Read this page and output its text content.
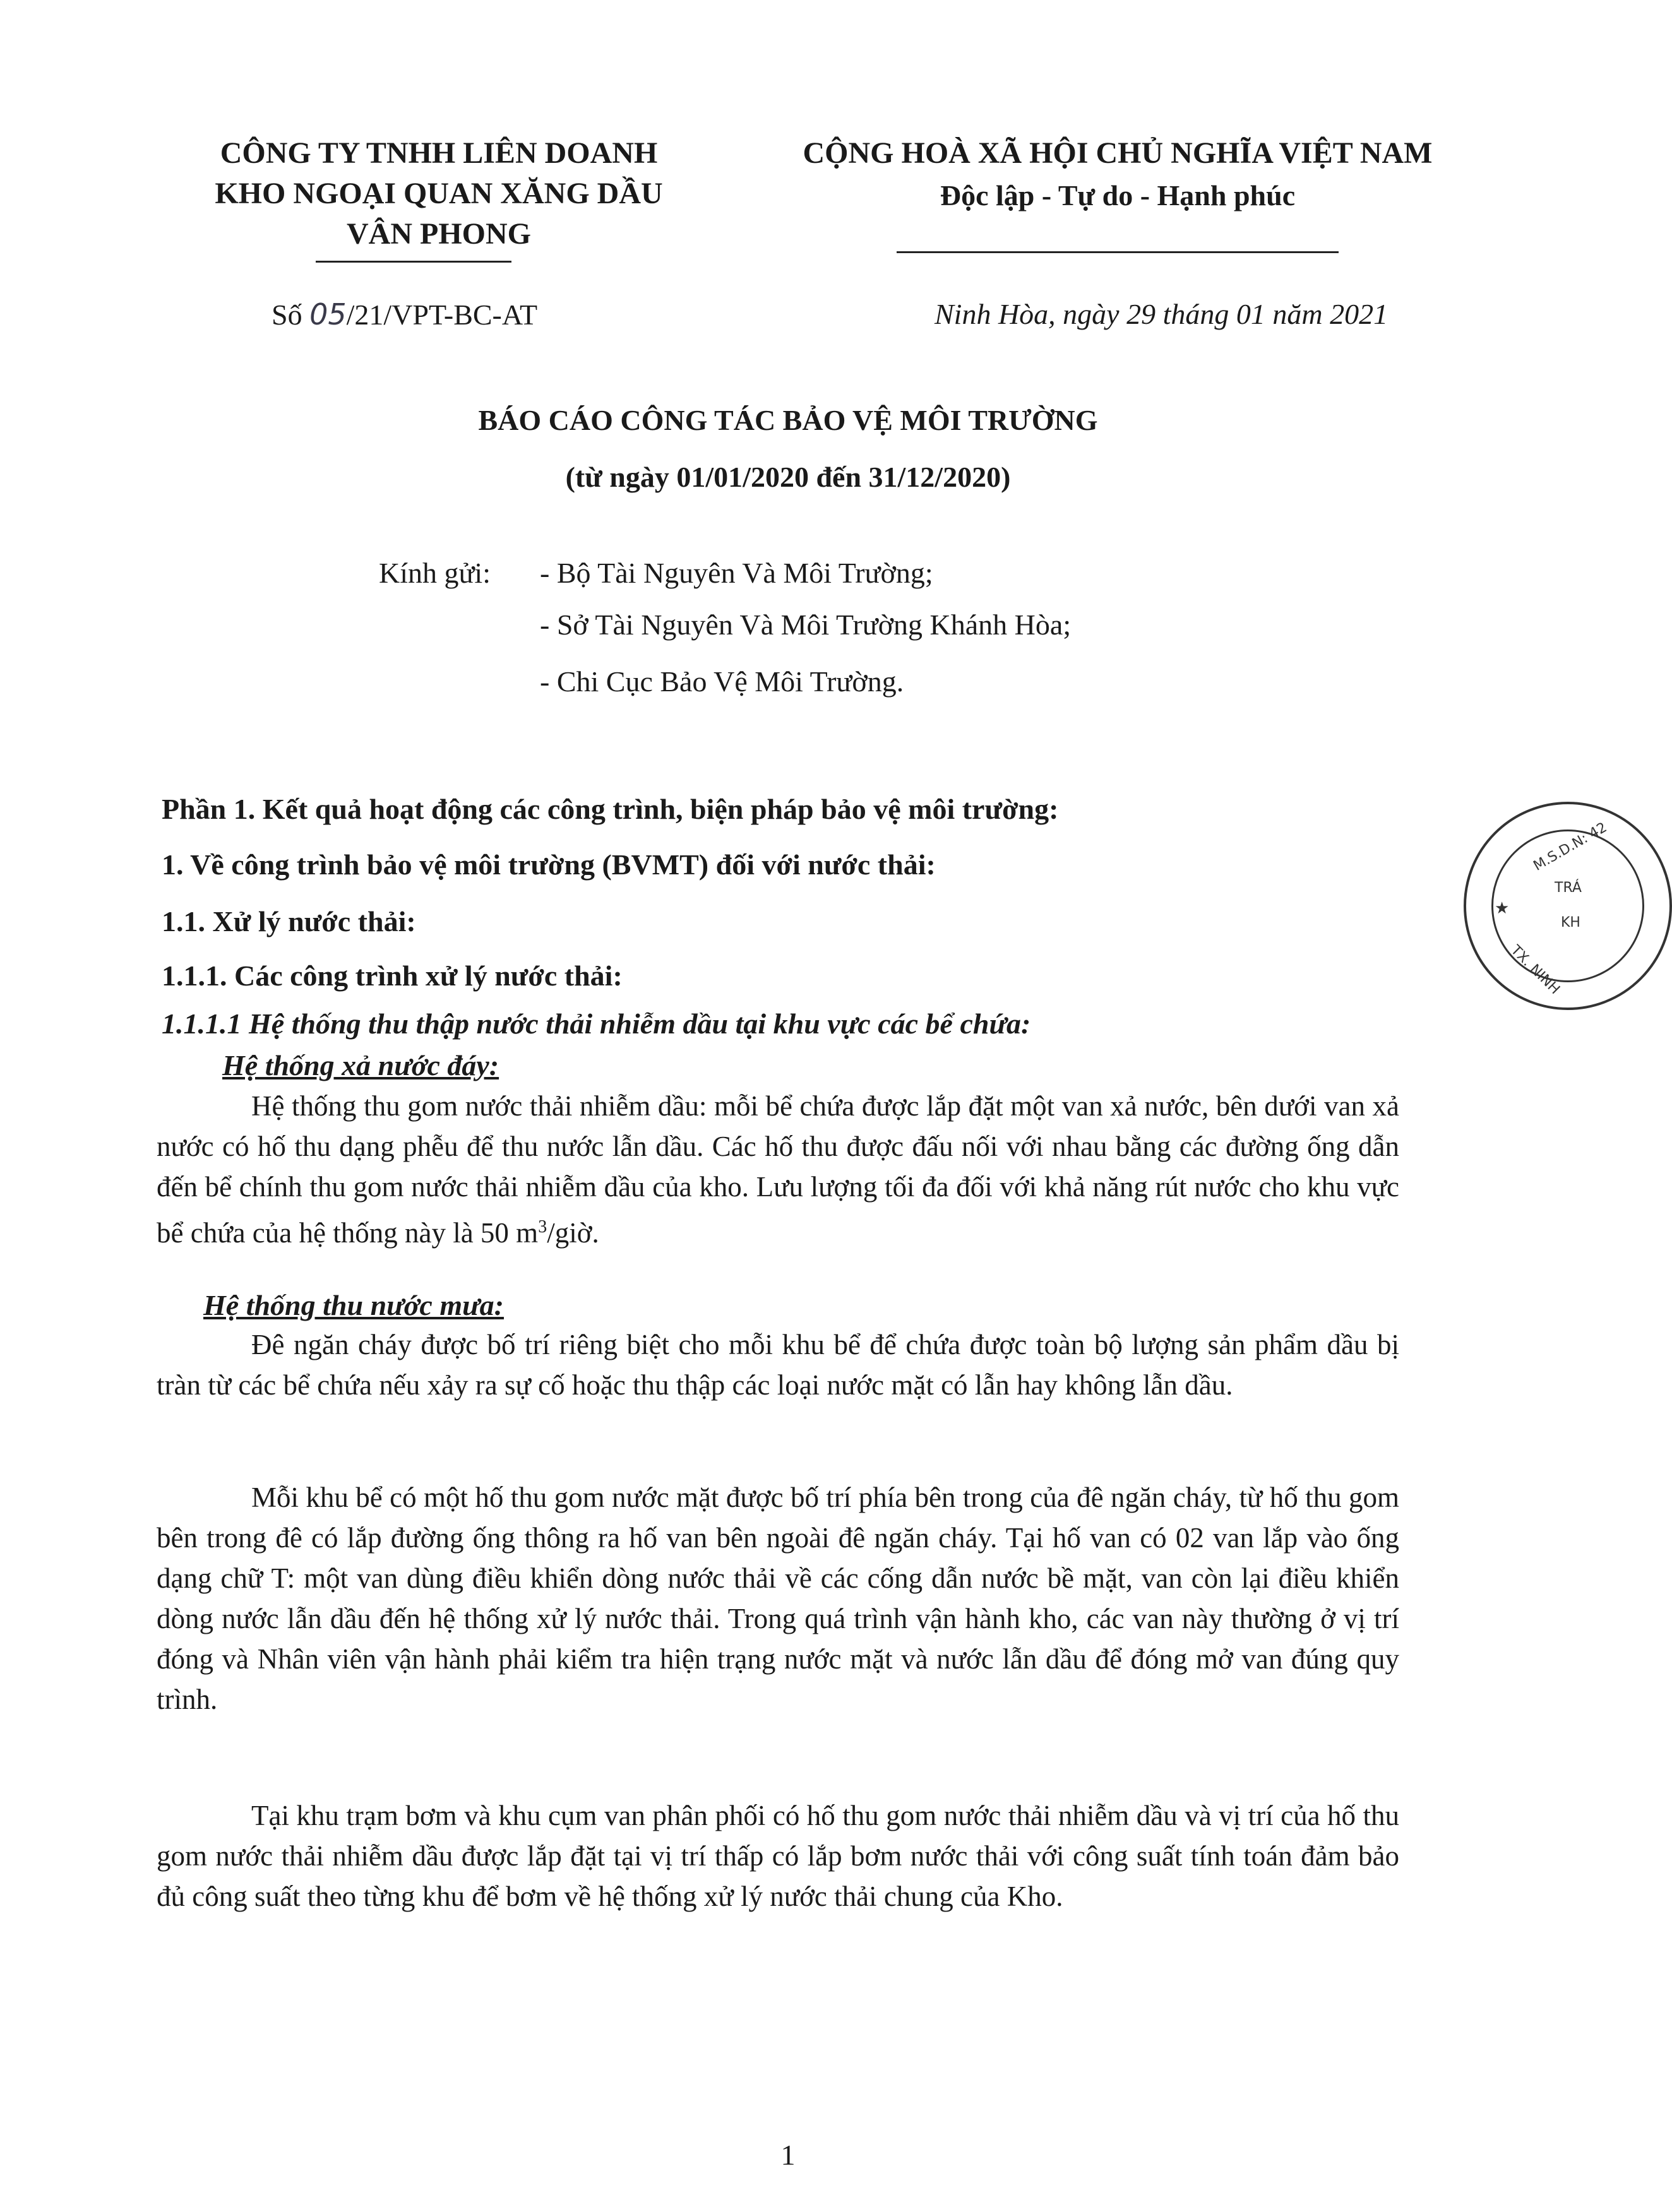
CÔNG TY TNHH LIÊN DOANH
KHO NGOẠI QUAN XĂNG DẦU
VÂN PHONG
CỘNG HOÀ XÃ HỘI CHỦ NGHĨA VIỆT NAM
Độc lập - Tự do - Hạnh phúc
Số 05/21/VPT-BC-AT	Ninh Hòa, ngày 29 tháng 01 năm 2021
BÁO CÁO CÔNG TÁC BẢO VỆ MÔI TRƯỜNG
(từ ngày 01/01/2020 đến 31/12/2020)
Kính gửi: - Bộ Tài Nguyên Và Môi Trường;
- Sở Tài Nguyên Và Môi Trường Khánh Hòa;
- Chi Cục Bảo Vệ Môi Trường.
Phần 1. Kết quả hoạt động các công trình, biện pháp bảo vệ môi trường:
1. Về công trình bảo vệ môi trường (BVMT) đối với nước thải:
1.1. Xử lý nước thải:
1.1.1. Các công trình xử lý nước thải:
1.1.1.1 Hệ thống thu thập nước thải nhiễm dầu tại khu vực các bể chứa:
Hệ thống xả nước đáy:
Hệ thống thu gom nước thải nhiễm dầu: mỗi bể chứa được lắp đặt một van xả nước, bên dưới van xả nước có hố thu dạng phễu để thu nước lẫn dầu. Các hố thu được đấu nối với nhau bằng các đường ống dẫn đến bể chính thu gom nước thải nhiễm dầu của kho. Lưu lượng tối đa đối với khả năng rút nước cho khu vực bể chứa của hệ thống này là 50 $m^3$/giờ.
Hệ thống thu nước mưa:
Đê ngăn cháy được bố trí riêng biệt cho mỗi khu bể để chứa được toàn bộ lượng sản phẩm dầu bị tràn từ các bể chứa nếu xảy ra sự cố hoặc thu thập các loại nước mặt có lẫn hay không lẫn dầu.
Mỗi khu bể có một hố thu gom nước mặt được bố trí phía bên trong của đê ngăn cháy, từ hố thu gom bên trong đê có lắp đường ống thông ra hố van bên ngoài đê ngăn cháy. Tại hố van có 02 van lắp vào ống dạng chữ T: một van dùng điều khiển dòng nước thải về các cống dẫn nước bề mặt, van còn lại điều khiển dòng nước lẫn dầu đến hệ thống xử lý nước thải. Trong quá trình vận hành kho, các van này thường ở vị trí đóng và Nhân viên vận hành phải kiểm tra hiện trạng nước mặt và nước lẫn dầu để đóng mở van đúng quy trình.
Tại khu trạm bơm và khu cụm van phân phối có hố thu gom nước thải nhiễm dầu và vị trí của hố thu gom nước thải nhiễm dầu được lắp đặt tại vị trí thấp có lắp bơm nước thải với công suất tính toán đảm bảo đủ công suất theo từng khu để bơm về hệ thống xử lý nước thải chung của Kho.
M.S.D.N: 42
TRÁ
KH
TX. NINH
★
1
